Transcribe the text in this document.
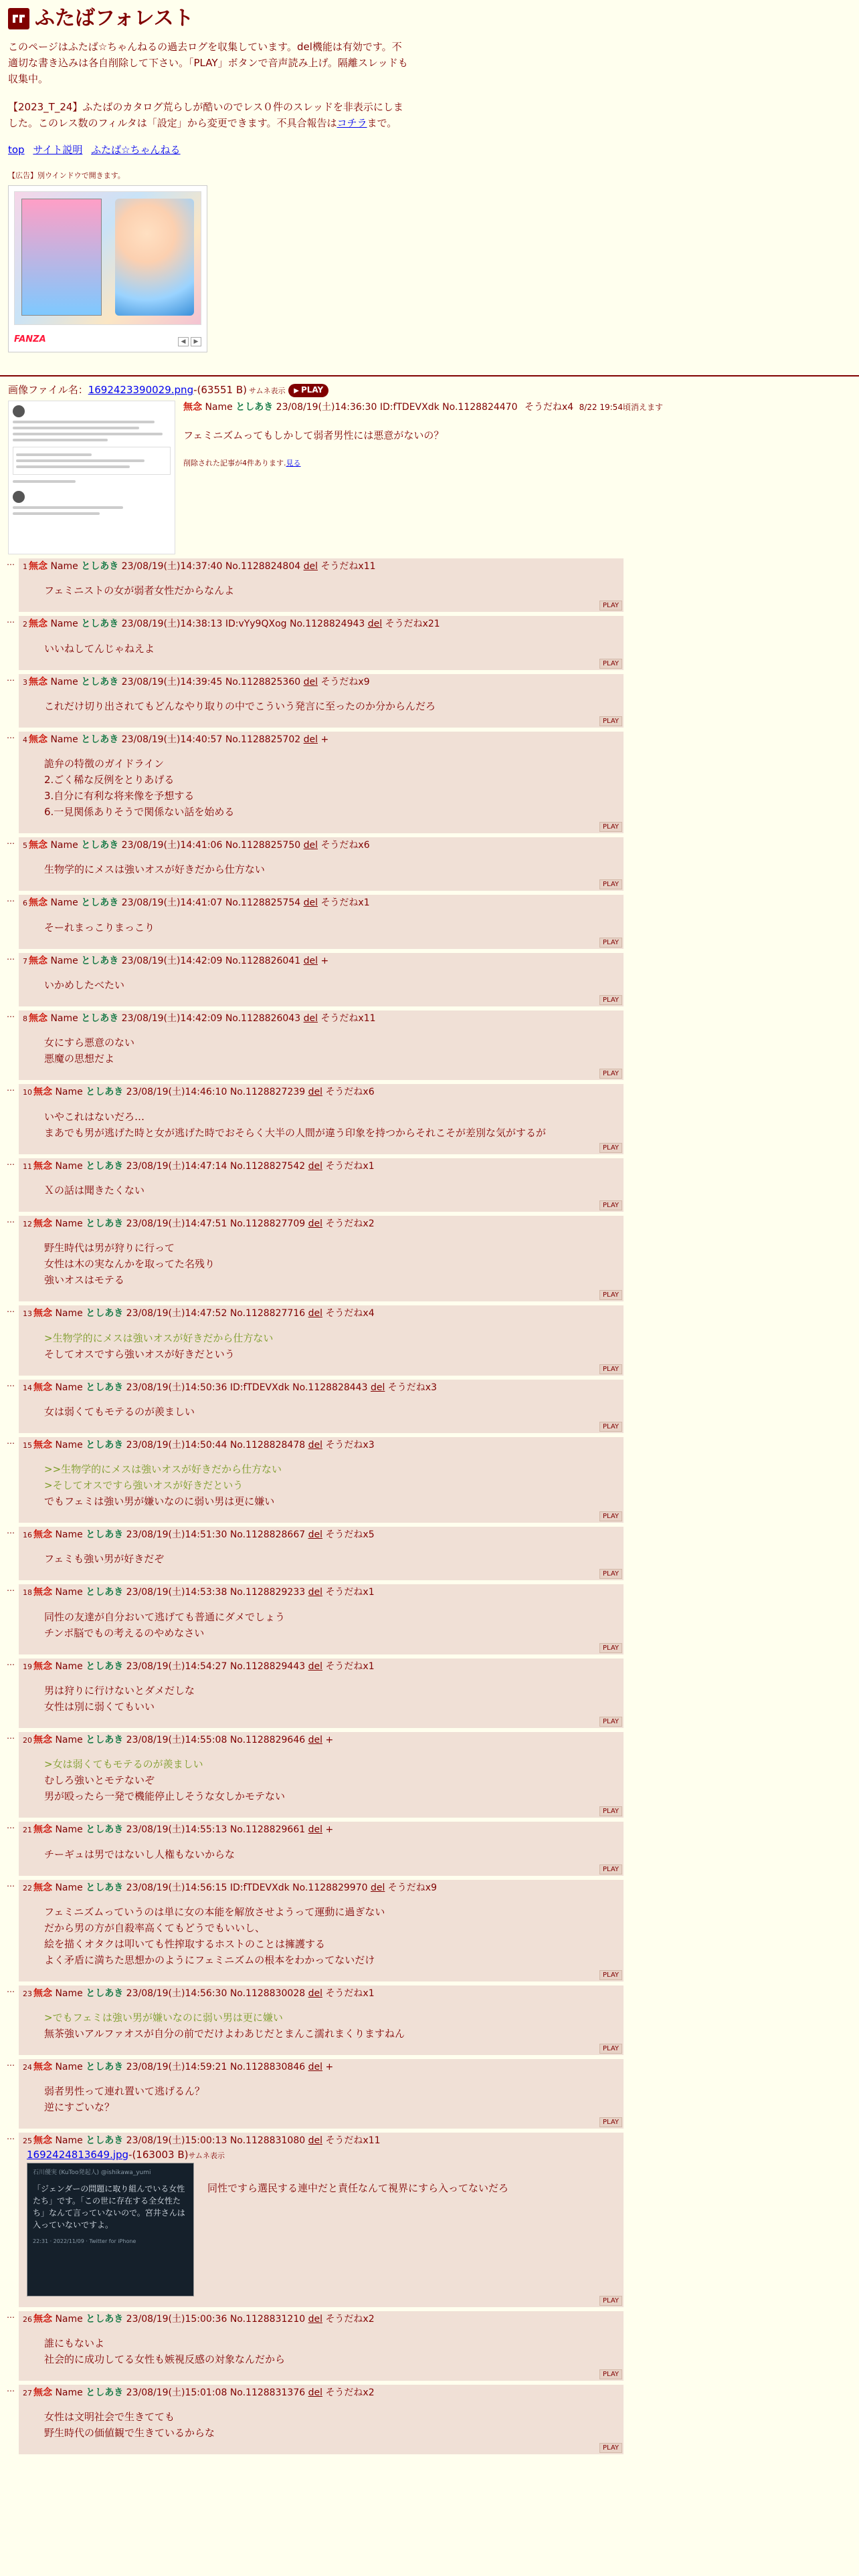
ふたばフォレスト

このページはふたば☆ちゃんねるの過去ログを収集しています。del機能は有効です。不適切な書き込みは各自削除して下さい。「PLAY」ボタンで音声読み上げ。隔離スレッドも収集中。

【2023_T_24】ふたばのカタログ荒らしが酷いのでレス０件のスレッドを非表示にしました。このレス数のフィルタは「設定」から変更できます。不具合報告はコチラまで。

top サイト説明 ふたば☆ちゃんねる
【広告】別ウインドウで開きます。
FANZA	◀	▶
画像ファイル名：1692423390029.png-(63551 B) サムネ表示 ▶ PLAY
無念 Name としあき 23/08/19(土)14:36:30 ID:fTDEVXdk No.1128824470 そうだねx4 8/22 19:54頃消えます
フェミニズムってもしかして弱者男性には悪意がないの？
削除された記事が4件あります.見る
…	1 無念 Name としあき 23/08/19(土)14:37:40 No.1128824804 del そうだねx11
フェミニストの女が弱者女性だからなんよ
PLAY
…	2 無念 Name としあき 23/08/19(土)14:38:13 ID:vYy9QXog No.1128824943 del そうだねx21
いいねしてんじゃねえよ
PLAY
…	3 無念 Name としあき 23/08/19(土)14:39:45 No.1128825360 del そうだねx9
これだけ切り出されてもどんなやり取りの中でこういう発言に至ったのか分からんだろ
PLAY
…	4 無念 Name としあき 23/08/19(土)14:40:57 No.1128825702 del +
詭弁の特徴のガイドライン
2.ごく稀な反例をとりあげる
3.自分に有利な将来像を予想する
6.一見関係ありそうで関係ない話を始める
PLAY
…	5 無念 Name としあき 23/08/19(土)14:41:06 No.1128825750 del そうだねx6
生物学的にメスは強いオスが好きだから仕方ない
PLAY
…	6 無念 Name としあき 23/08/19(土)14:41:07 No.1128825754 del そうだねx1
そーれまっこりまっこり
PLAY
…	7 無念 Name としあき 23/08/19(土)14:42:09 No.1128826041 del +
いかめしたべたい
PLAY
…	8 無念 Name としあき 23/08/19(土)14:42:09 No.1128826043 del そうだねx11
女にすら悪意のない
悪魔の思想だよ
PLAY
…	10 無念 Name としあき 23/08/19(土)14:46:10 No.1128827239 del そうだねx6
いやこれはないだろ…
まあでも男が逃げた時と女が逃げた時でおそらく大半の人間が違う印象を持つからそれこそが差別な気がするが
PLAY
…	11 無念 Name としあき 23/08/19(土)14:47:14 No.1128827542 del そうだねx1
Ｘの話は聞きたくない
PLAY
…	12 無念 Name としあき 23/08/19(土)14:47:51 No.1128827709 del そうだねx2
野生時代は男が狩りに行って
女性は木の実なんかを取ってた名残り
強いオスはモテる
PLAY
…	13 無念 Name としあき 23/08/19(土)14:47:52 No.1128827716 del そうだねx4
>生物学的にメスは強いオスが好きだから仕方ない
そしてオスですら強いオスが好きだという
PLAY
…	14 無念 Name としあき 23/08/19(土)14:50:36 ID:fTDEVXdk No.1128828443 del そうだねx3
女は弱くてもモテるのが羨ましい
PLAY
…	15 無念 Name としあき 23/08/19(土)14:50:44 No.1128828478 del そうだねx3
>>生物学的にメスは強いオスが好きだから仕方ない
>そしてオスですら強いオスが好きだという
でもフェミは強い男が嫌いなのに弱い男は更に嫌い
PLAY
…	16 無念 Name としあき 23/08/19(土)14:51:30 No.1128828667 del そうだねx5
フェミも強い男が好きだぞ
PLAY
…	18 無念 Name としあき 23/08/19(土)14:53:38 No.1128829233 del そうだねx1
同性の友達が自分おいて逃げても普通にダメでしょう
チンポ脳でもの考えるのやめなさい
PLAY
…	19 無念 Name としあき 23/08/19(土)14:54:27 No.1128829443 del そうだねx1
男は狩りに行けないとダメだしな
女性は別に弱くてもいい
PLAY
…	20 無念 Name としあき 23/08/19(土)14:55:08 No.1128829646 del +
>女は弱くてもモテるのが羨ましい
むしろ強いとモテないぞ
男が殴ったら一発で機能停止しそうな女しかモテない
PLAY
…	21 無念 Name としあき 23/08/19(土)14:55:13 No.1128829661 del +
チーギュは男ではないし人権もないからな
PLAY
…	22 無念 Name としあき 23/08/19(土)14:56:15 ID:fTDEVXdk No.1128829970 del そうだねx9
フェミニズムっていうのは単に女の本能を解放させようって運動に過ぎない
だから男の方が自殺率高くてもどうでもいいし、
絵を描くオタクは叩いても性搾取するホストのことは擁護する
よく矛盾に満ちた思想かのようにフェミニズムの根本をわかってないだけ
PLAY
…	23 無念 Name としあき 23/08/19(土)14:56:30 No.1128830028 del そうだねx1
>でもフェミは強い男が嫌いなのに弱い男は更に嫌い
無茶強いアルファオスが自分の前でだけよわあじだとまんこ濡れまくりますねん
PLAY
…	24 無念 Name としあき 23/08/19(土)14:59:21 No.1128830846 del +
弱者男性って連れ置いて逃げるん？
逆にすごいな？
PLAY
…	25 無念 Name としあき 23/08/19(土)15:00:13 No.1128831080 del そうだねx11
1692424813649.jpg-(163003 B)サムネ表示
石川優実 (KuToo発起人) @ishikawa_yumi
「ジェンダーの問題に取り組んでいる女性たち」です。「この世に存在する全女性たち」なんて言っていないので。宮井さんは入っていないですよ。
22:31 · 2022/11/09 · Twitter for iPhone
同性ですら選民する連中だと責任なんて視界にすら入ってないだろ
PLAY
…	26 無念 Name としあき 23/08/19(土)15:00:36 No.1128831210 del そうだねx2
誰にもないよ
社会的に成功してる女性も嫉視反感の対象なんだから
PLAY
…	27 無念 Name としあき 23/08/19(土)15:01:08 No.1128831376 del そうだねx2
女性は文明社会で生きてても
野生時代の価値観で生きているからな
PLAY
